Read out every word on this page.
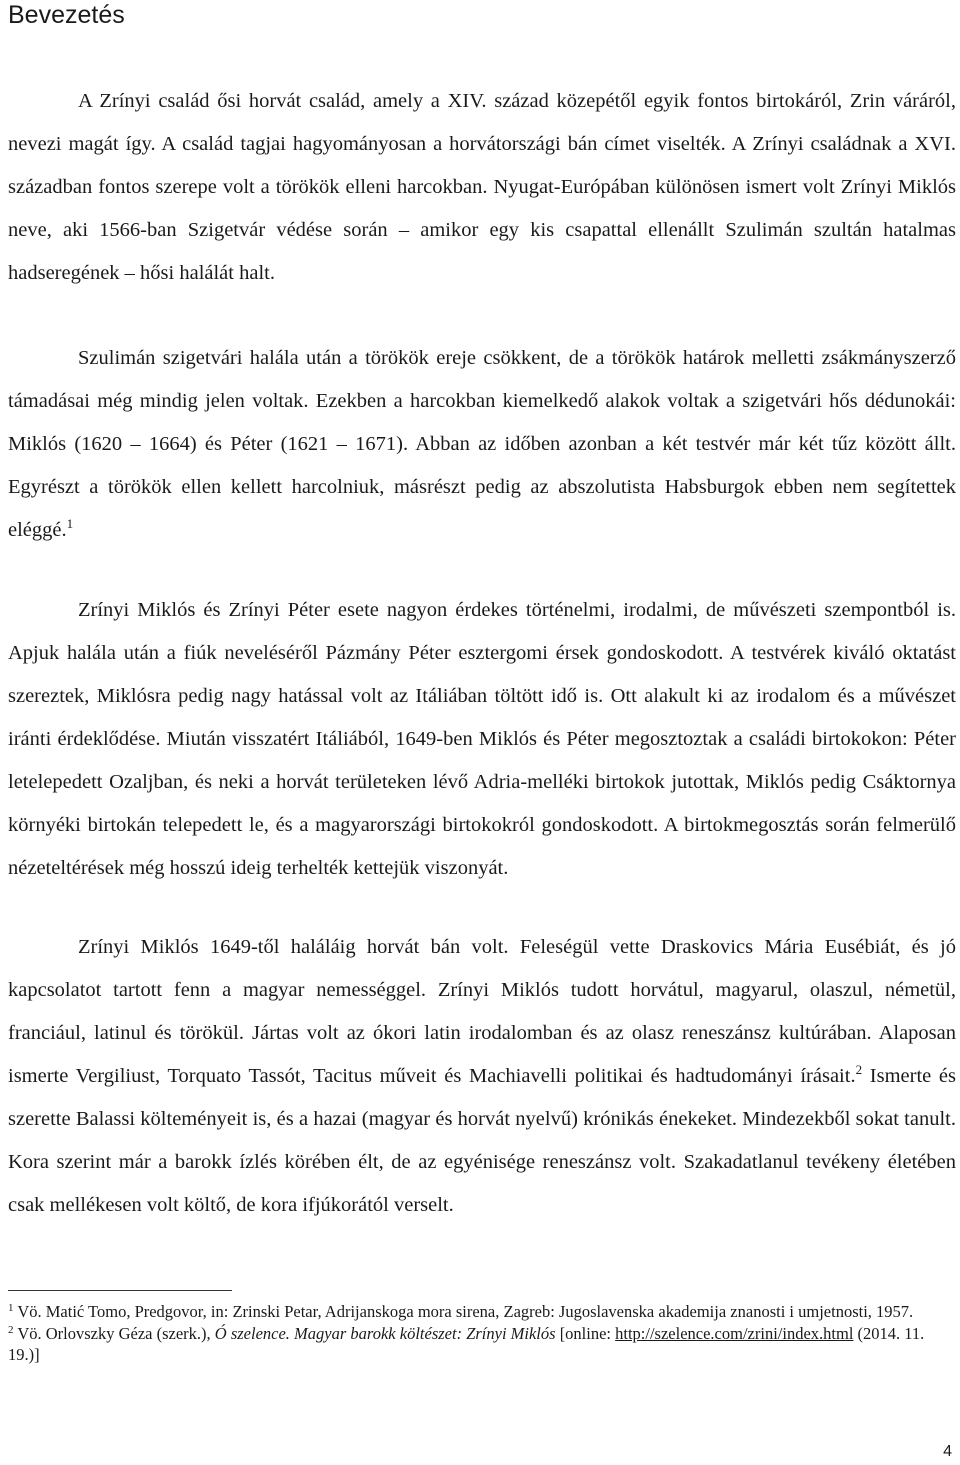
Bevezetés

A Zrínyi család ősi horvát család, amely a XIV. század közepétől egyik fontos birtokáról, Zrin váráról, nevezi magát így. A család tagjai hagyományosan a horvátországi bán címet viselték. A Zrínyi családnak a XVI. században fontos szerepe volt a törökök elleni harcokban. Nyugat-Európában különösen ismert volt Zrínyi Miklós neve, aki 1566-ban Szigetvár védése során – amikor egy kis csapattal ellenállt Szulimán szultán hatalmas hadseregének – hősi halálát halt.

Szulimán szigetvári halála után a törökök ereje csökkent, de a törökök határok melletti zsákmányszerző támadásai még mindig jelen voltak. Ezekben a harcokban kiemelkedő alakok voltak a szigetvári hős dédunokái: Miklós (1620 – 1664) és Péter (1621 – 1671). Abban az időben azonban a két testvér már két tűz között állt. Egyrészt a törökök ellen kellett harcolniuk, másrészt pedig az abszolutista Habsburgok ebben nem segítettek eléggé.$^1$

Zrínyi Miklós és Zrínyi Péter esete nagyon érdekes történelmi, irodalmi, de művészeti szempontból is. Apjuk halála után a fiúk neveléséről Pázmány Péter esztergomi érsek gondoskodott. A testvérek kiváló oktatást szereztek, Miklósra pedig nagy hatással volt az Itáliában töltött idő is. Ott alakult ki az irodalom és a művészet iránti érdeklődése. Miután visszatért Itáliából, 1649-ben Miklós és Péter megosztoztak a családi birtokokon: Péter letelepedett Ozaljban, és neki a horvát területeken lévő Adria-melléki birtokok jutottak, Miklós pedig Csáktornya környéki birtokán telepedett le, és a magyarországi birtokokról gondoskodott. A birtokmegosztás során felmerülő nézeteltérések még hosszú ideig terhelték kettejük viszonyát.

Zrínyi Miklós 1649-től haláláig horvát bán volt. Feleségül vette Draskovics Mária Eusébiát, és jó kapcsolatot tartott fenn a magyar nemességgel. Zrínyi Miklós tudott horvátul, magyarul, olaszul, németül, franciául, latinul és törökül. Jártas volt az ókori latin irodalomban és az olasz reneszánsz kultúrában. Alaposan ismerte Vergiliust, Torquato Tassót, Tacitus műveit és Machiavelli politikai és hadtudományi írásait.$^2$ Ismerte és szerette Balassi költeményeit is, és a hazai (magyar és horvát nyelvű) krónikás énekeket. Mindezekből sokat tanult. Kora szerint már a barokk ízlés körében élt, de az egyénisége reneszánsz volt. Szakadatlanul tevékeny életében csak mellékesen volt költő, de kora ifjúkorától verselt.

$^1$ Vö. Matić Tomo, Predgovor, in: Zrinski Petar, Adrijanskoga mora sirena, Zagreb: Jugoslavenska akademija znanosti i umjetnosti, 1957.

$^2$ Vö. Orlovszky Géza (szerk.), Ó szelence. Magyar barokk költészet: Zrínyi Miklós [online: http://szelence.com/zrini/index.html (2014. 11. 19.)]

4
